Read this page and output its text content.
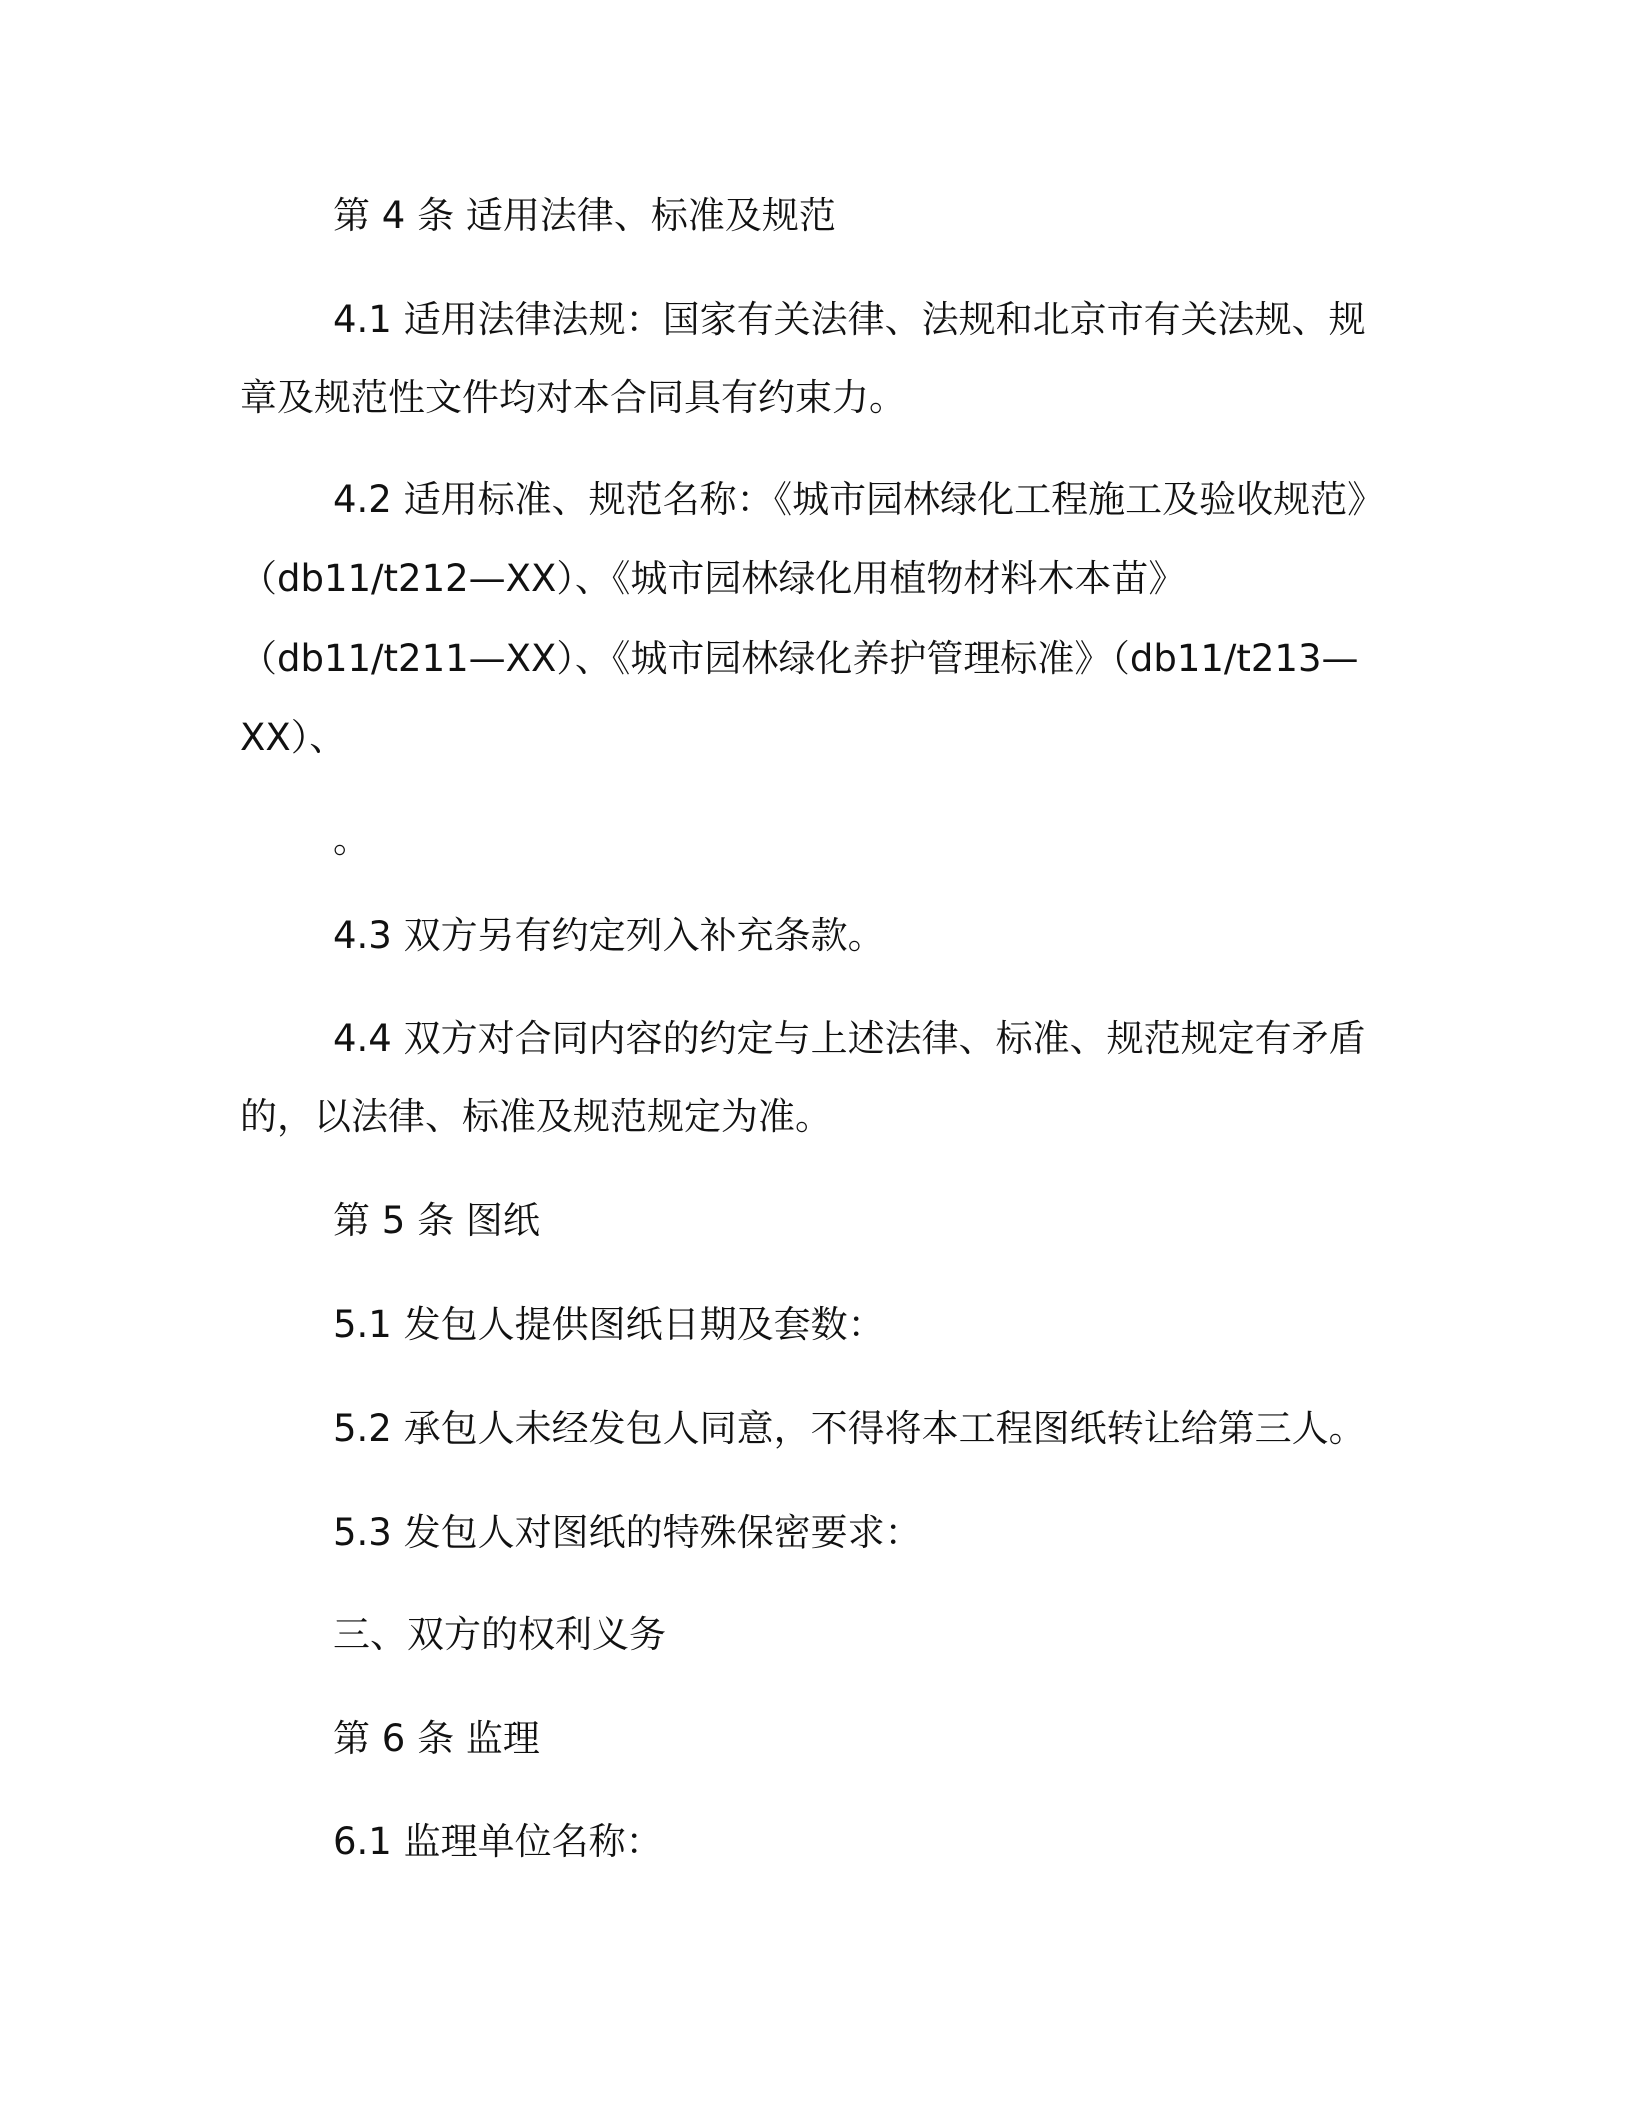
第 4 条 适用法律、标准及规范

4.1 适用法律法规：国家有关法律、法规和北京市有关法规、规

章及规范性文件均对本合同具有约束力。

4.2 适用标准、规范名称：《城市园林绿化工程施工及验收规范》

（db11/t212—XX）、《城市园林绿化用植物材料木本苗》

（db11/t211—XX）、《城市园林绿化养护管理标准》（db11/t213—

XX）、

。

4.3 双方另有约定列入补充条款。

4.4 双方对合同内容的约定与上述法律、标准、规范规定有矛盾

的，以法律、标准及规范规定为准。

第 5 条 图纸

5.1 发包人提供图纸日期及套数：

5.2 承包人未经发包人同意，不得将本工程图纸转让给第三人。

5.3 发包人对图纸的特殊保密要求：

三、双方的权利义务

第 6 条 监理

6.1 监理单位名称：
